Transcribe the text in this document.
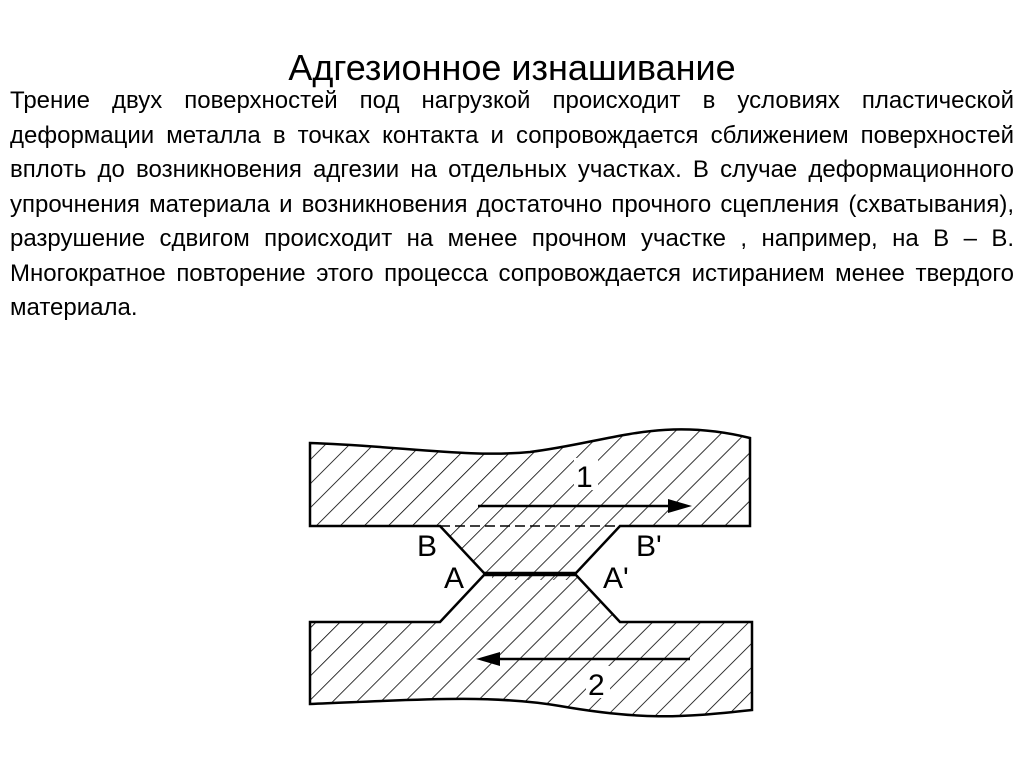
Адгезионное изнашивание

Трение двух поверхностей под нагрузкой происходит в условиях пластической деформации металла в точках контакта и сопровождается сближением поверхностей вплоть до возникновения адгезии на отдельных участках. В случае деформационного упрочнения материала и возникновения достаточно прочного сцепления (схватывания), разрушение сдвигом происходит на менее прочном участке , например, на В – В. Многократное повторение этого процесса сопровождается истиранием менее твердого материала.

1
2
В	В'
А	А'
